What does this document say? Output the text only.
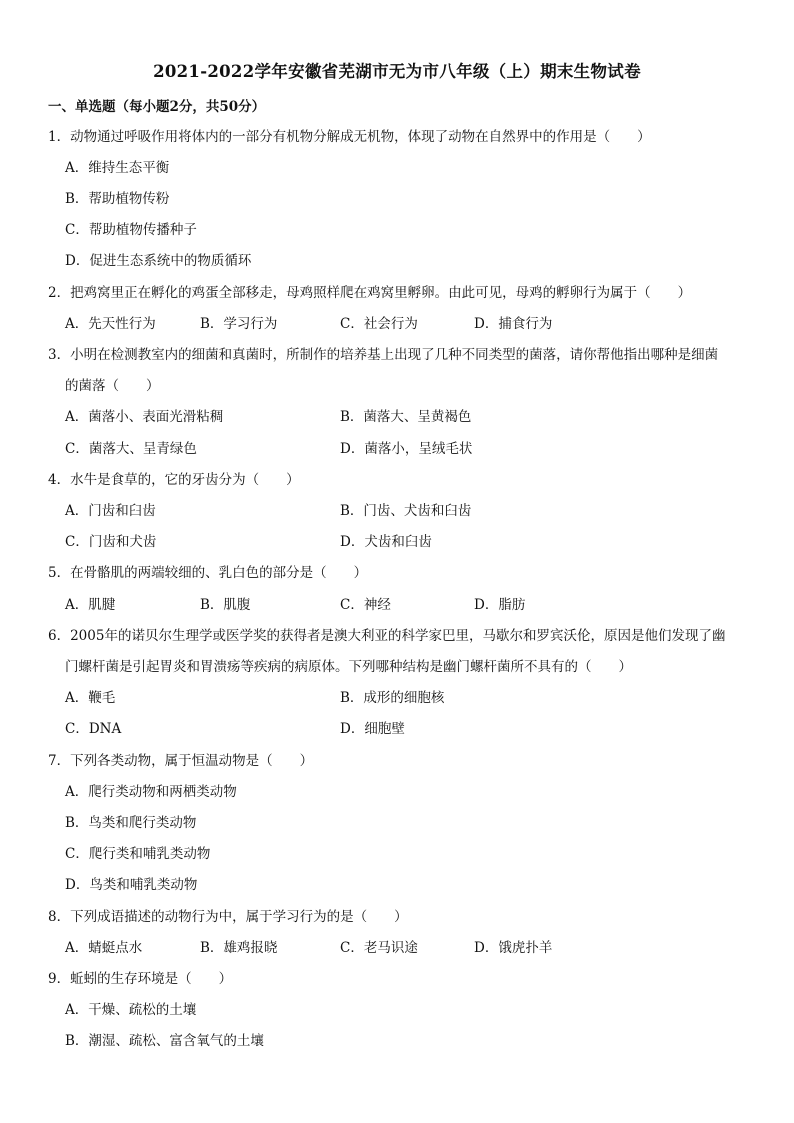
2021-2022学年安徽省芜湖市无为市八年级（上）期末生物试卷
一、单选题（每小题2分，共50分）
1．动物通过呼吸作用将体内的一部分有机物分解成无机物，体现了动物在自然界中的作用是（　　）
A．维持生态平衡
B．帮助植物传粉
C．帮助植物传播种子
D．促进生态系统中的物质循环
2．把鸡窝里正在孵化的鸡蛋全部移走，母鸡照样爬在鸡窝里孵卵。由此可见，母鸡的孵卵行为属于（　　）
A．先天性行为	B．学习行为	C．社会行为	D．捕食行为
3．小明在检测教室内的细菌和真菌时，所制作的培养基上出现了几种不同类型的菌落，请你帮他指出哪种是细菌
的菌落（　　）
A．菌落小、表面光滑粘稠	B．菌落大、呈黄褐色
C．菌落大、呈青绿色	D．菌落小，呈绒毛状
4．水牛是食草的，它的牙齿分为（　　）
A．门齿和臼齿	B．门齿、犬齿和臼齿
C．门齿和犬齿	D．犬齿和臼齿
5．在骨骼肌的两端较细的、乳白色的部分是（　　）
A．肌腱	B．肌腹	C．神经	D．脂肪
6．2005年的诺贝尔生理学或医学奖的获得者是澳大利亚的科学家巴里，马歇尔和罗宾沃伦，原因是他们发现了幽
门螺杆菌是引起胃炎和胃溃疡等疾病的病原体。下列哪种结构是幽门螺杆菌所不具有的（　　）
A．鞭毛	B．成形的细胞核
C．DNA	D．细胞壁
7．下列各类动物，属于恒温动物是（　　）
A．爬行类动物和两栖类动物
B．鸟类和爬行类动物
C．爬行类和哺乳类动物
D．鸟类和哺乳类动物
8．下列成语描述的动物行为中，属于学习行为的是（　　）
A．蜻蜓点水	B．雄鸡报晓	C．老马识途	D．饿虎扑羊
9．蚯蚓的生存环境是（　　）
A．干燥、疏松的土壤
B．潮湿、疏松、富含氧气的土壤
